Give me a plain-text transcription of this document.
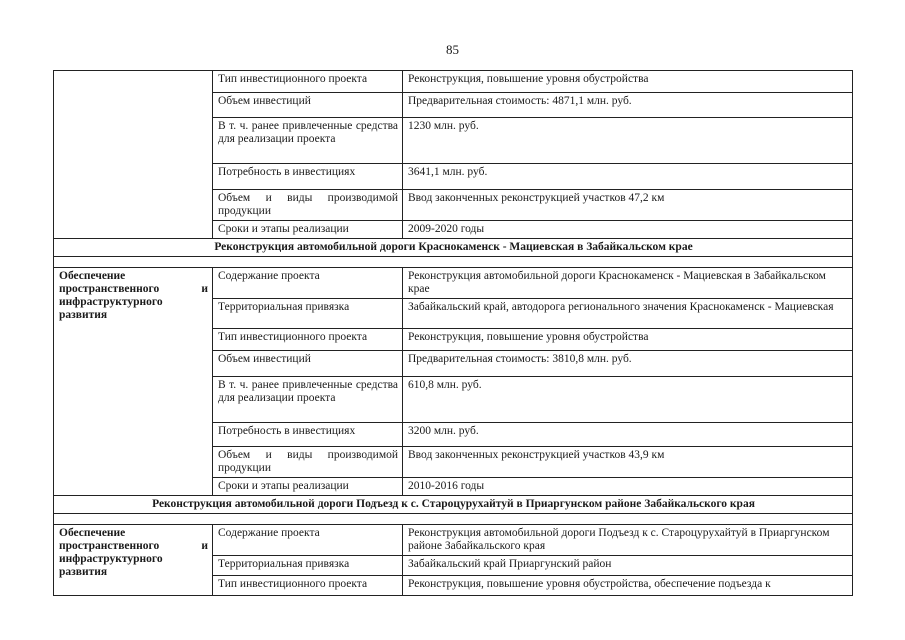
85
	Тип инвестиционного проекта	Реконструкция, повышение уровня обустройства
	Объем инвестиций	Предварительная стоимость: 4871,1 млн. руб.
	В т. ч. ранее привлеченные средства для реализации проекта	1230 млн. руб.
	Потребность в инвестициях	3641,1 млн. руб.
	Объем и виды производимой продукции	Ввод законченных реконструкцией участков 47,2 км
	Сроки и этапы реализации	2009-2020 годы
Реконструкция автомобильной дороги Краснокаменск - Мациевская в Забайкальском крае		

Обеспечение пространственного и инфраструктурного развития	Содержание проекта	Реконструкция автомобильной дороги Краснокаменск - Мациевская в Забайкальском крае
	Территориальная привязка	Забайкальский край, автодорога регионального значения Краснокаменск - Мациевская
	Тип инвестиционного проекта	Реконструкция, повышение уровня обустройства
	Объем инвестиций	Предварительная стоимость: 3810,8 млн. руб.
	В т. ч. ранее привлеченные средства для реализации проекта	610,8 млн. руб.
	Потребность в инвестициях	3200 млн. руб.
	Объем и виды производимой продукции	Ввод законченных реконструкцией участков 43,9 км
	Сроки и этапы реализации	2010-2016 годы
Реконструкция автомобильной дороги Подъезд к с. Староцурухайтуй в Приаргунском районе Забайкальского края		

Обеспечение пространственного и инфраструктурного развития	Содержание проекта	Реконструкция автомобильной дороги Подъезд к с. Староцурухайтуй в Приаргунском районе Забайкальского края
	Территориальная привязка	Забайкальский край Приаргунский район
	Тип инвестиционного проекта	Реконструкция, повышение уровня обустройства, обеспечение подъезда к
